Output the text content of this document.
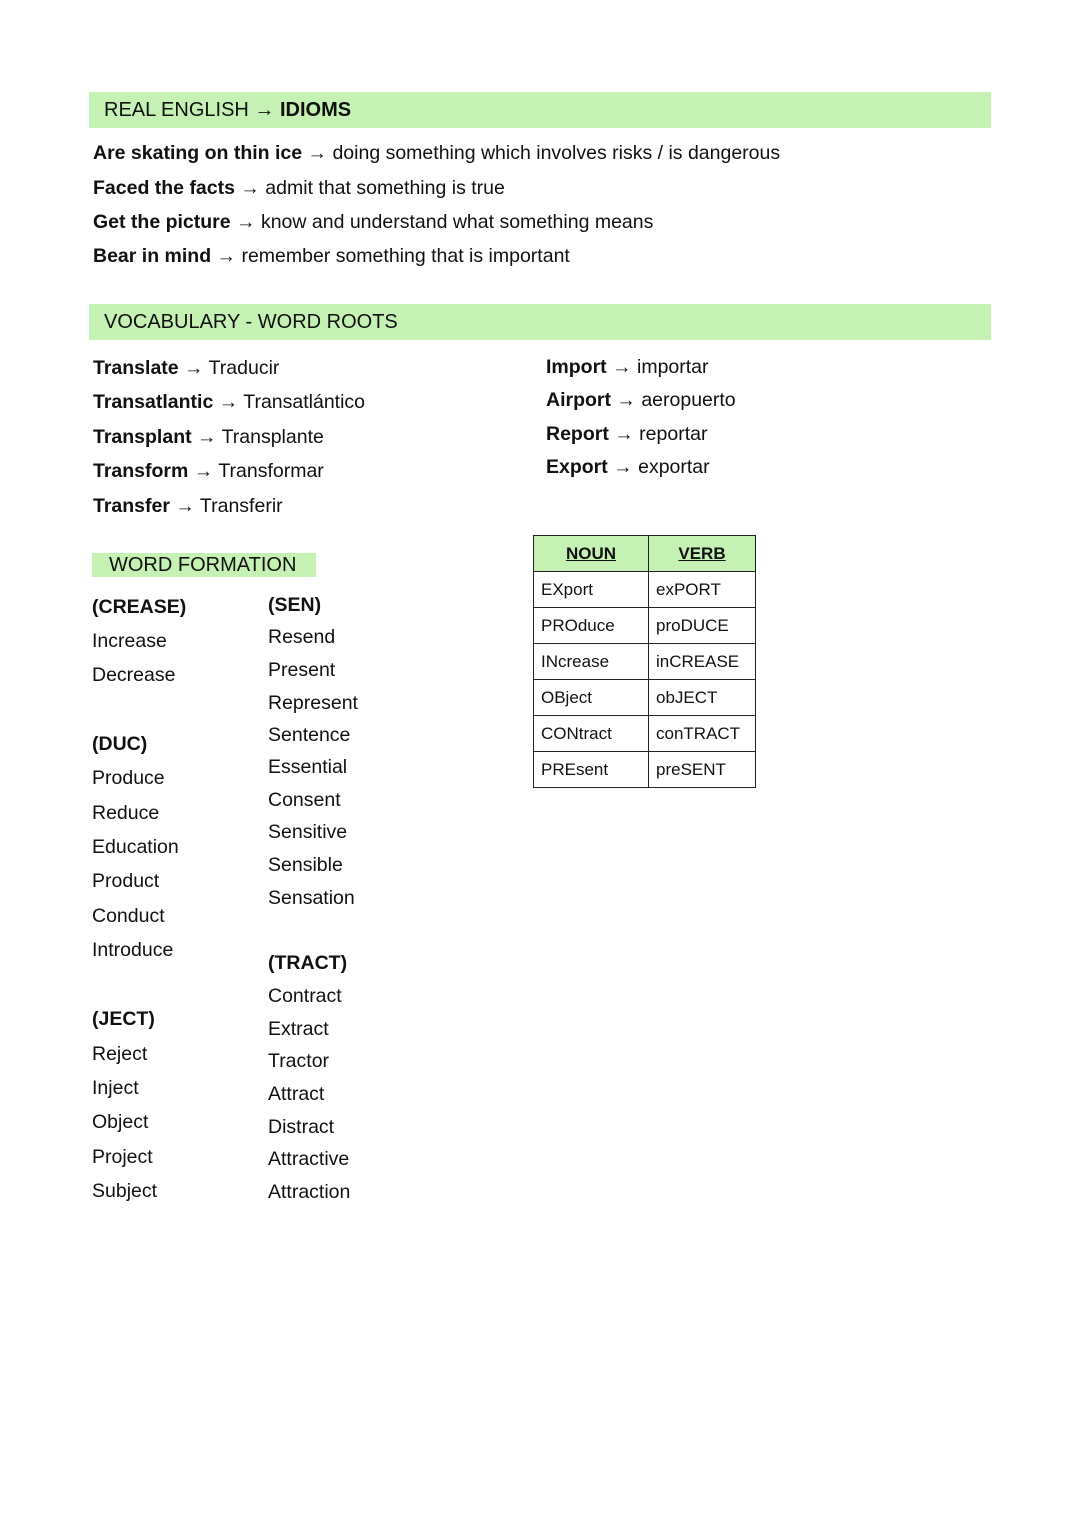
REAL ENGLISH → IDIOMS
Are skating on thin ice → doing something which involves risks / is dangerous
Faced the facts → admit that something is true
Get the picture → know and understand what something means
Bear in mind → remember something that is important
VOCABULARY - WORD ROOTS
Translate → Traducir
Transatlantic → Transatlántico
Transplant → Transplante
Transform → Transformar
Transfer → Transferir
Import → importar
Airport → aeropuerto
Report → reportar
Export → exportar
WORD FORMATION
(CREASE)
Increase
Decrease
(DUC)
Produce
Reduce
Education
Product
Conduct
Introduce
(JECT)
Reject
Inject
Object
Project
Subject
(SEN)
Resend
Present
Represent
Sentence
Essential
Consent
Sensitive
Sensible
Sensation
(TRACT)
Contract
Extract
Tractor
Attract
Distract
Attractive
Attraction
NOUN	VERB
EXport	exPORT
PROduce	proDUCE
INcrease	inCREASE
OBject	obJECT
CONtract	conTRACT
PREsent	preSENT
